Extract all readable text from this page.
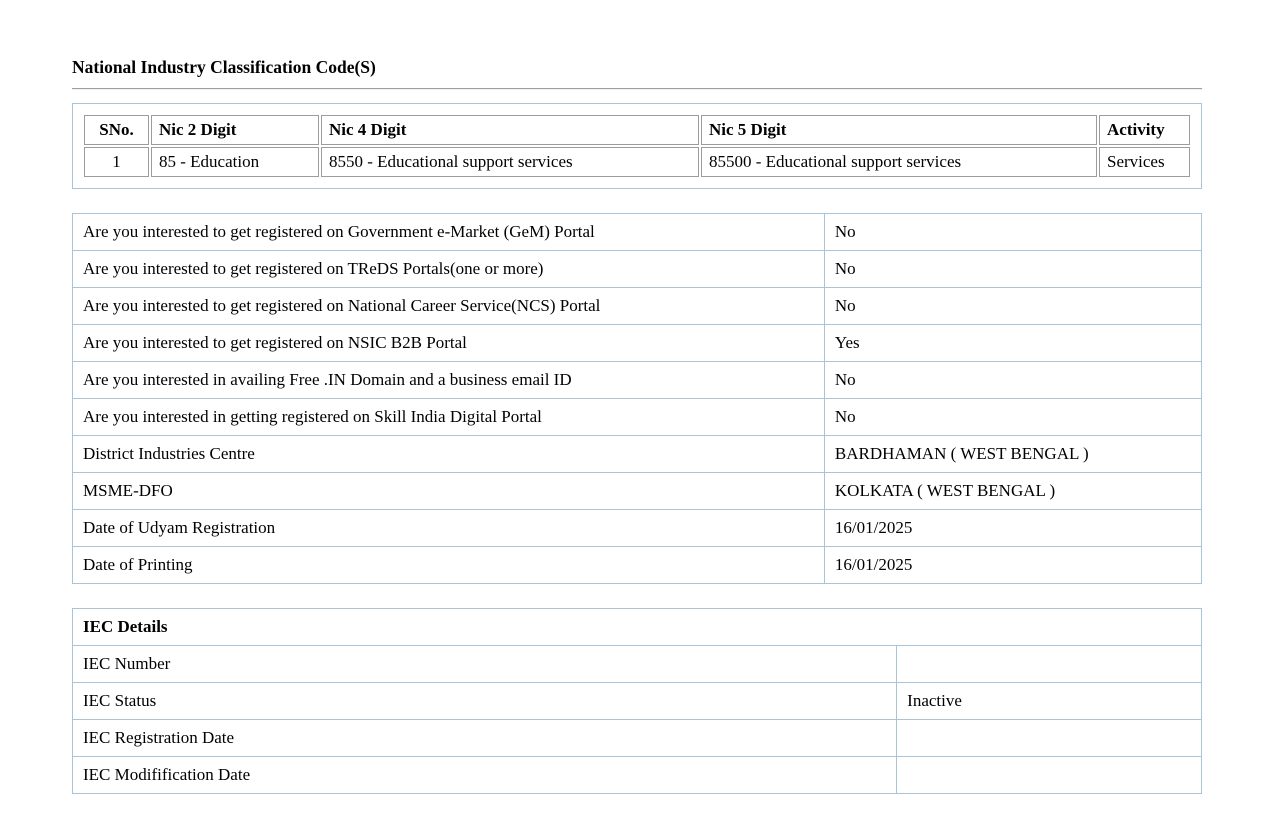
National Industry Classification Code(S)
SNo.	Nic 2 Digit	Nic 4 Digit	Nic 5 Digit	Activity
1	85 - Education	8550 - Educational support services	85500 - Educational support services	Services
Are you interested to get registered on Government e-Market (GeM) Portal	No
Are you interested to get registered on TReDS Portals(one or more)	No
Are you interested to get registered on National Career Service(NCS) Portal	No
Are you interested to get registered on NSIC B2B Portal	Yes
Are you interested in availing Free .IN Domain and a business email ID	No
Are you interested in getting registered on Skill India Digital Portal	No
District Industries Centre	BARDHAMAN ( WEST BENGAL )
MSME-DFO	KOLKATA ( WEST BENGAL )
Date of Udyam Registration	16/01/2025
Date of Printing	16/01/2025
IEC Details	
IEC Number	
IEC Status	Inactive
IEC Registration Date	
IEC Modifification Date	
